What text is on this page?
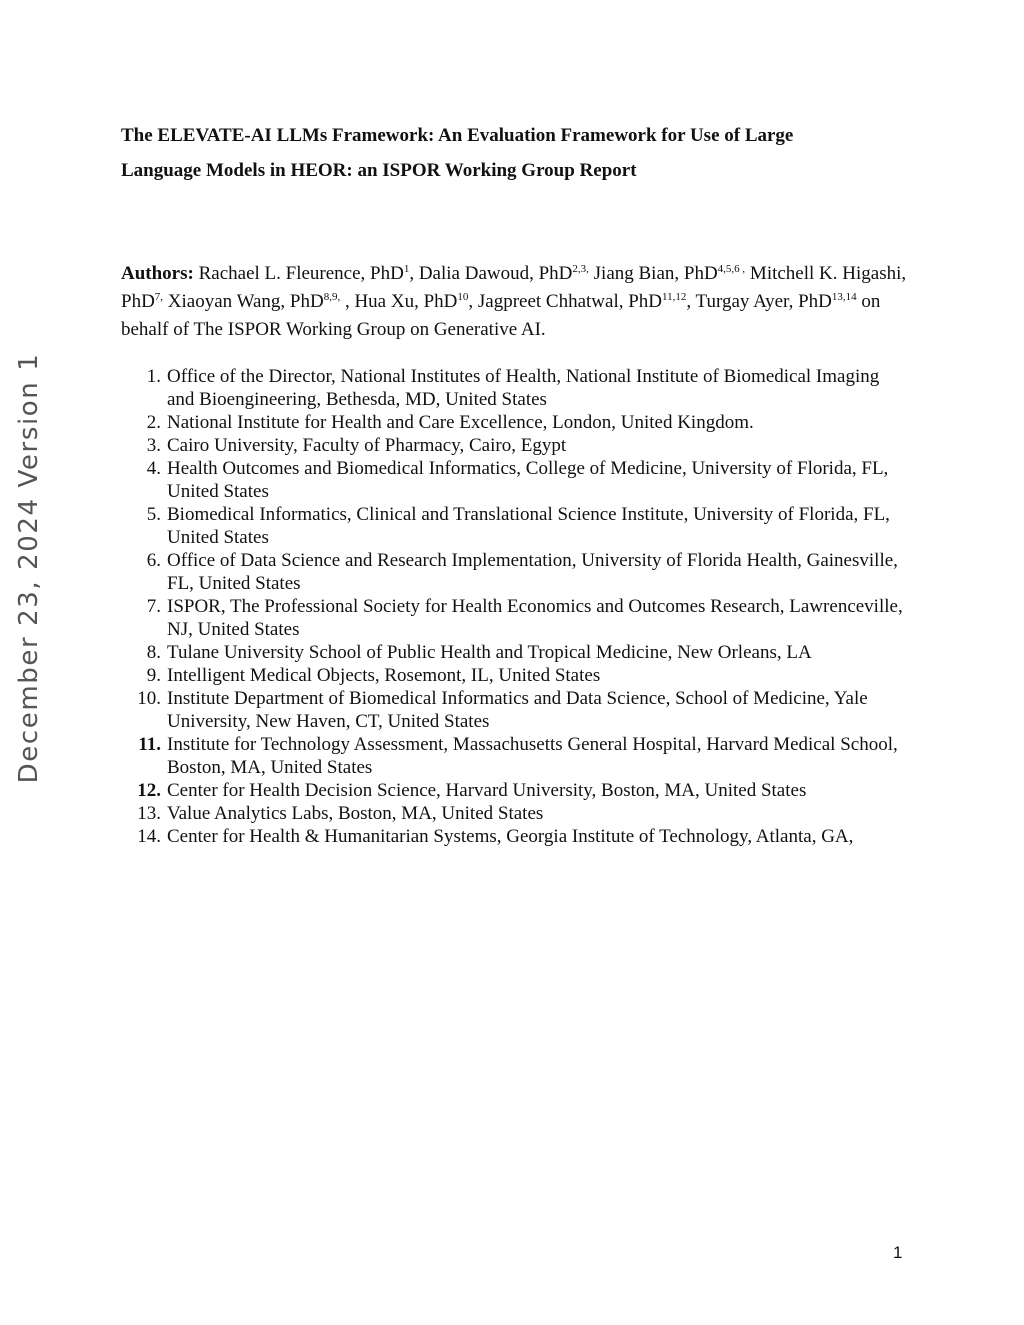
December 23, 2024 Version 1
The ELEVATE-AI LLMs Framework: An Evaluation Framework for Use of Large
Language Models in HEOR: an ISPOR Working Group Report

Authors: Rachael L. Fleurence, PhD$^1$, Dalia Dawoud, PhD$^{2,3,}$ Jiang Bian, PhD$^{4,5,6 ,}$ Mitchell K. Higashi, PhD$^{7,}$ Xiaoyan Wang, PhD$^{8,9,}$ , Hua Xu, PhD$^{10}$, Jagpreet Chhatwal, PhD$^{11,12}$, Turgay Ayer, PhD$^{13,14}$ on behalf of The ISPOR Working Group on Generative AI.

1. Office of the Director, National Institutes of Health, National Institute of Biomedical Imaging and Bioengineering, Bethesda, MD, United States
2. National Institute for Health and Care Excellence, London, United Kingdom.
3. Cairo University, Faculty of Pharmacy, Cairo, Egypt
4. Health Outcomes and Biomedical Informatics, College of Medicine, University of Florida, FL, United States
5. Biomedical Informatics, Clinical and Translational Science Institute, University of Florida, FL, United States
6. Office of Data Science and Research Implementation, University of Florida Health, Gainesville, FL, United States
7. ISPOR, The Professional Society for Health Economics and Outcomes Research, Lawrenceville, NJ, United States
8. Tulane University School of Public Health and Tropical Medicine, New Orleans, LA
9. Intelligent Medical Objects, Rosemont, IL, United States
10. Institute Department of Biomedical Informatics and Data Science, School of Medicine, Yale University, New Haven, CT, United States
11. Institute for Technology Assessment, Massachusetts General Hospital, Harvard Medical School, Boston, MA, United States
12. Center for Health Decision Science, Harvard University, Boston, MA, United States
13. Value Analytics Labs, Boston, MA, United States
14. Center for Health & Humanitarian Systems, Georgia Institute of Technology, Atlanta, GA,
1
